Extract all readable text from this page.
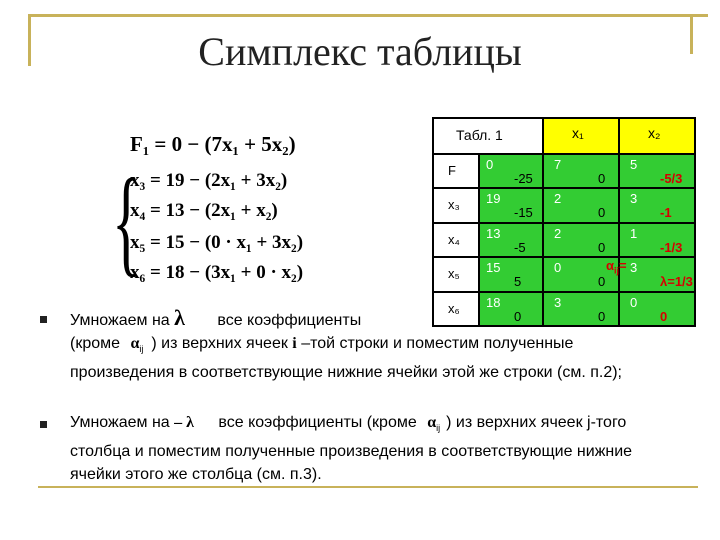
Симплекс таблицы
F₁ = 0 − (7x₁ + 5x₂)
{
x₃ = 19 − (2x₁ + 3x₂)
x₄ = 13 − (2x₁ + x₂)
x₅ = 15 − (0 · x₁ + 3x₂)
x₆ = 18 − (3x₁ + 0 · x₂)
Табл. 1	x₁	x₂
F 0
-25
7
0
5
-5/3
x₃ 19
-15
2
0
3
-1
x₄ 13
-5
2
0
1
-1/3
x₅ 15
5
0
0
3
λ=1/3
$\alpha_{ij}=$
x₆ 18
0
3
0
0
0
Умножаем на λ все коэффициенты
(кроме $\alpha_{ij}$ ) из верхних ячеек i –той строки и поместим полученные произведения в соответствующие нижние ячейки этой же строки (см. п.2);
Умножаем на – λ все коэффициенты (кроме $\alpha_{ij}$ ) из верхних ячеек j-того столбца и поместим полученные произведения в соответствующие нижние ячейки этого же столбца (см. п.3).
